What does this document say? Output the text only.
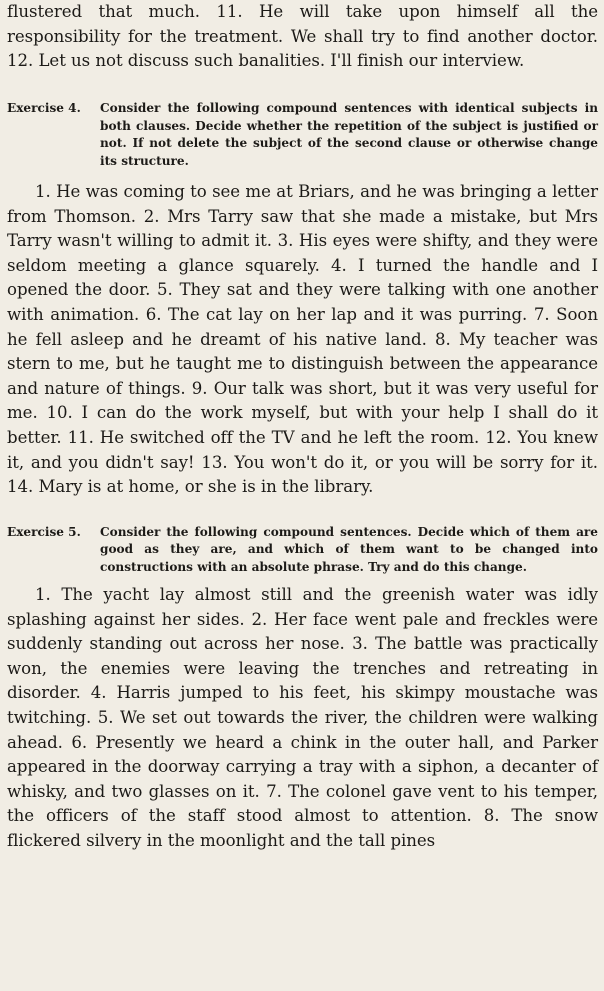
flustered that much. 11. He will take upon himself all the responsibility for the treatment. We shall try to find another doctor. 12. Let us not discuss such banalities. I'll finish our interview.

Exercise 4.	Consider the following compound sentences with identical subjects in both clauses. Decide whether the repetition of the subject is justified or not. If not delete the subject of the second clause or otherwise change its structure.

1. He was coming to see me at Briars, and he was bringing a letter from Thomson. 2. Mrs Tarry saw that she made a mistake, but Mrs Tarry wasn't willing to admit it. 3. His eyes were shifty, and they were seldom meeting a glance squarely. 4. I turned the handle and I opened the door. 5. They sat and they were talking with one another with animation. 6. The cat lay on her lap and it was purring. 7. Soon he fell asleep and he dreamt of his native land. 8. My teacher was stern to me, but he taught me to distinguish between the appearance and nature of things. 9. Our talk was short, but it was very useful for me. 10. I can do the work myself, but with your help I shall do it better. 11. He switched off the TV and he left the room. 12. You knew it, and you didn't say! 13. You won't do it, or you will be sorry for it. 14. Mary is at home, or she is in the library.

Exercise 5.	Consider the following compound sentences. Decide which of them are good as they are, and which of them want to be changed into constructions with an absolute phrase. Try and do this change.

1. The yacht lay almost still and the greenish water was idly splashing against her sides. 2. Her face went pale and freckles were suddenly standing out across her nose. 3. The battle was practically won, the enemies were leaving the trenches and retreating in disorder. 4. Harris jumped to his feet, his skimpy moustache was twitching. 5. We set out towards the river, the children were walking ahead. 6. Presently we heard a chink in the outer hall, and Parker appeared in the doorway carrying a tray with a siphon, a decanter of whisky, and two glasses on it. 7. The colonel gave vent to his temper, the officers of the staff stood almost to attention. 8. The snow flickered silvery in the moonlight and the tall pines
